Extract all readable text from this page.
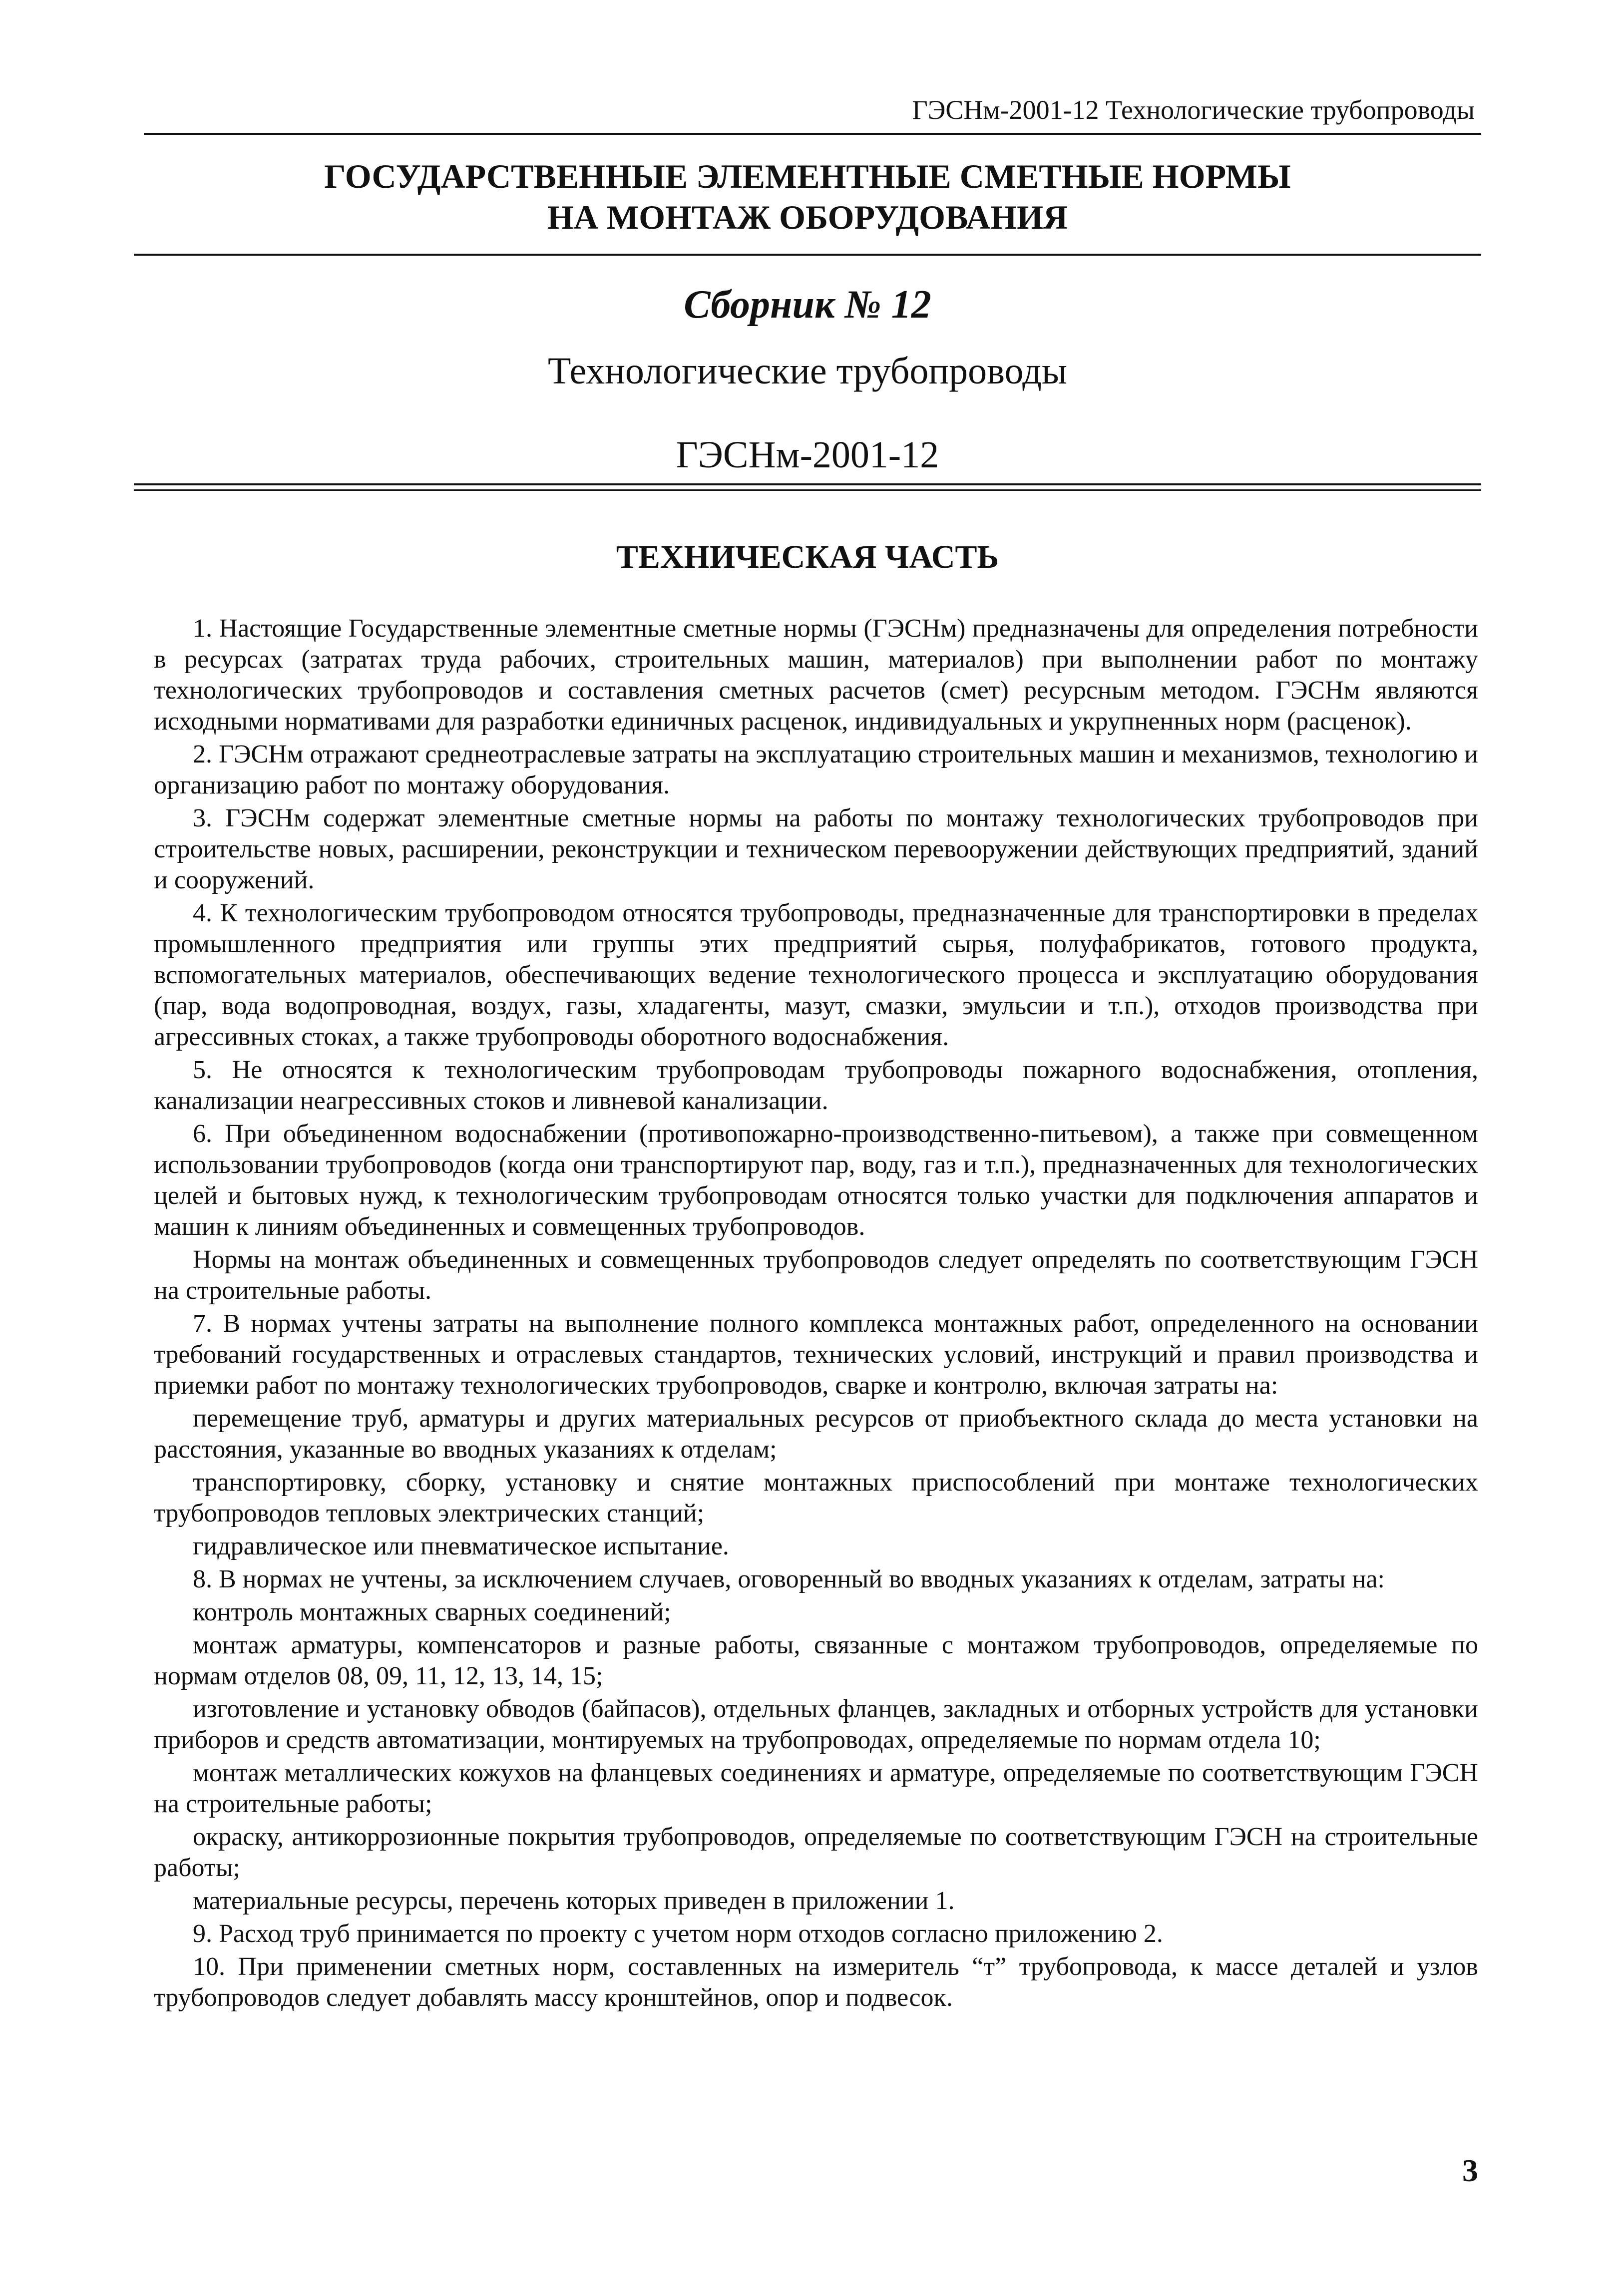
ГЭСНм-2001-12 Технологические трубопроводы
ГОСУДАРСТВЕННЫЕ ЭЛЕМЕНТНЫЕ СМЕТНЫЕ НОРМЫ
НА МОНТАЖ ОБОРУДОВАНИЯ
Сборник № 12
Технологические трубопроводы
ГЭСНм-2001-12
ТЕХНИЧЕСКАЯ ЧАСТЬ

1. Настоящие Государственные элементные сметные нормы (ГЭСНм) предназначены для определения потребности в ресурсах (затратах труда рабочих, строительных машин, материалов) при выполнении работ по монтажу технологических трубопроводов и составления сметных расчетов (смет) ресурсным методом. ГЭСНм являются исходными нормативами для разработки единичных расценок, индивидуальных и укрупненных норм (расценок).

2. ГЭСНм отражают среднеотраслевые затраты на эксплуатацию строительных машин и механизмов, технологию и организацию работ по монтажу оборудования.

3. ГЭСНм содержат элементные сметные нормы на работы по монтажу технологических трубопроводов при строительстве новых, расширении, реконструкции и техническом перевооружении действующих предприятий, зданий и сооружений.

4. К технологическим трубопроводом относятся трубопроводы, предназначенные для транспортировки в пределах промышленного предприятия или группы этих предприятий сырья, полуфабрикатов, готового продукта, вспомогательных материалов, обеспечивающих ведение технологического процесса и эксплуатацию оборудования (пар, вода водопроводная, воздух, газы, хладагенты, мазут, смазки, эмульсии и т.п.), отходов производства при агрессивных стоках, а также трубопроводы оборотного водоснабжения.

5. Не относятся к технологическим трубопроводам трубопроводы пожарного водоснабжения, отопления, канализации неагрессивных стоков и ливневой канализации.

6. При объединенном водоснабжении (противопожарно-производственно-питьевом), а также при совмещенном использовании трубопроводов (когда они транспортируют пар, воду, газ и т.п.), предназначенных для технологических целей и бытовых нужд, к технологическим трубопроводам относятся только участки для подключения аппаратов и машин к линиям объединенных и совмещенных трубопроводов.

Нормы на монтаж объединенных и совмещенных трубопроводов следует определять по соответствующим ГЭСН на строительные работы.

7. В нормах учтены затраты на выполнение полного комплекса монтажных работ, определенного на основании требований государственных и отраслевых стандартов, технических условий, инструкций и правил производства и приемки работ по монтажу технологических трубопроводов, сварке и контролю, включая затраты на:

перемещение труб, арматуры и других материальных ресурсов от приобъектного склада до места установки на расстояния, указанные во вводных указаниях к отделам;

транспортировку, сборку, установку и снятие монтажных приспособлений при монтаже технологических трубопроводов тепловых электрических станций;

гидравлическое или пневматическое испытание.

8. В нормах не учтены, за исключением случаев, оговоренный во вводных указаниях к отделам, затраты на:

контроль монтажных сварных соединений;

монтаж арматуры, компенсаторов и разные работы, связанные с монтажом трубопроводов, определяемые по нормам отделов 08, 09, 11, 12, 13, 14, 15;

изготовление и установку обводов (байпасов), отдельных фланцев, закладных и отборных устройств для установки приборов и средств автоматизации, монтируемых на трубопроводах, определяемые по нормам отдела 10;

монтаж металлических кожухов на фланцевых соединениях и арматуре, определяемые по соответствующим ГЭСН на строительные работы;

окраску, антикоррозионные покрытия трубопроводов, определяемые по соответствующим ГЭСН на строительные работы;

материальные ресурсы, перечень которых приведен в приложении 1.

9. Расход труб принимается по проекту с учетом норм отходов согласно приложению 2.

10. При применении сметных норм, составленных на измеритель “т” трубопровода, к массе деталей и узлов трубопроводов следует добавлять массу кронштейнов, опор и подвесок.

3
